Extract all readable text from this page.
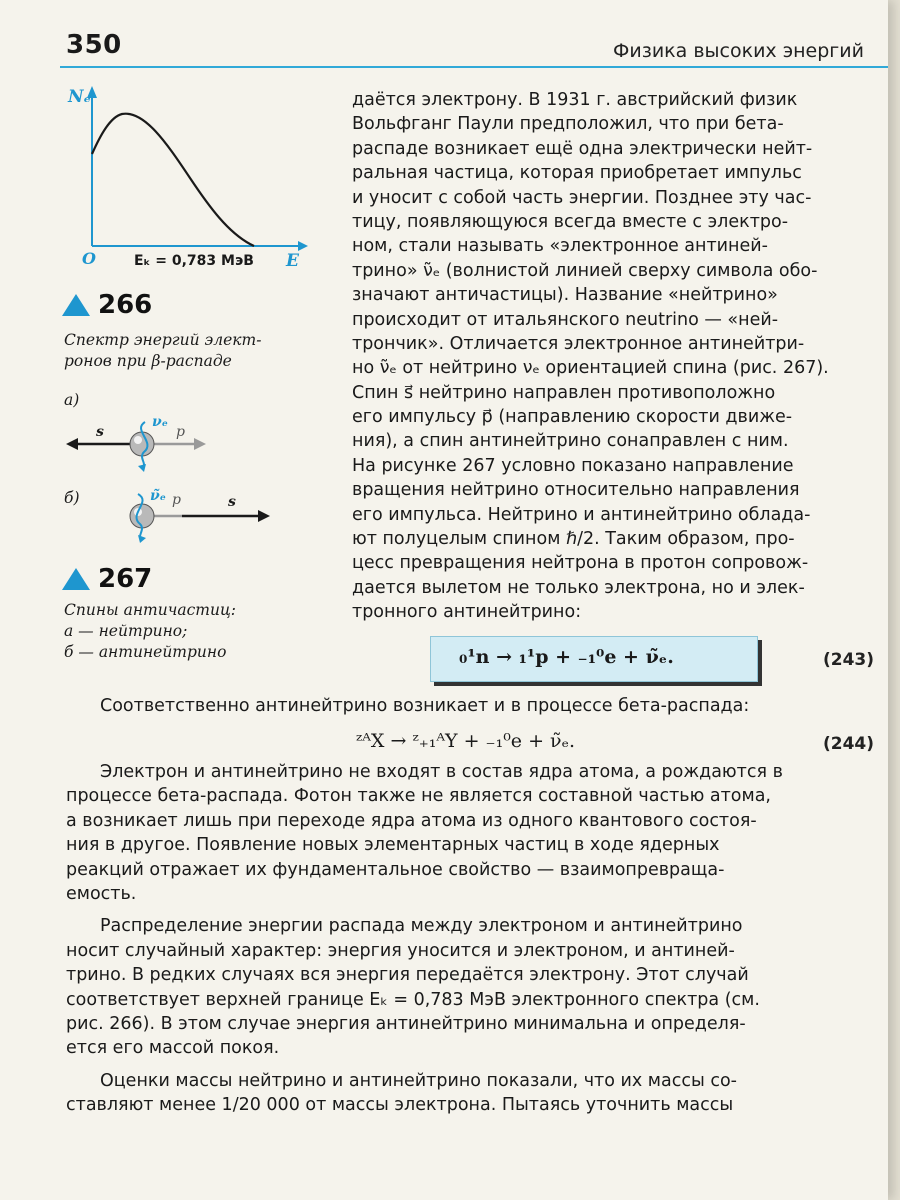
350	Физика высоких энергий
Nₑ
O	E
Eₖ = 0,783 МэВ
266
Спектр энергий элект-
ронов при β-распаде
а)
s	p
νₑ
б)	ν̃ₑ p	s
267
Спины античастиц:
а — нейтрино;
б — антинейтрино
даётся электрону. В 1931 г. австрийский физик
Вольфганг Паули предположил, что при бета-
распаде возникает ещё одна электрически нейт-
ральная частица, которая приобретает импульс
и уносит с собой часть энергии. Позднее эту час-
тицу, появляющуюся всегда вместе с электро-
ном, стали называть «электронное антиней-
трино» ν̃ₑ (волнистой линией сверху символа обо-
значают античастицы). Название «нейтрино»
происходит от итальянского neutrino — «ней-
трончик». Отличается электронное антинейтри-
но ν̃ₑ от нейтрино νₑ ориентацией спина (рис. 267).
Спин s⃗ нейтрино направлен противоположно
его импульсу p⃗ (направлению скорости движе-
ния), а спин антинейтрино сонаправлен с ним.
На рисунке 267 условно показано направление
вращения нейтрино относительно направления
его импульса. Нейтрино и антинейтрино облада-
ют полуцелым спином ℏ/2. Таким образом, про-
цесс превращения нейтрона в протон сопровож-
дается вылетом не только электрона, но и элек-
тронного антинейтрино:
₀¹n → ₁¹p + ₋₁⁰e + ν̃ₑ.	(243)
Соответственно антинейтрино возникает и в процессе бета-распада:
ᶻᴬX → ᶻ₊₁ᴬY + ₋₁⁰e + ν̃ₑ.	(244)
Электрон и антинейтрино не входят в состав ядра атома, а рождаются в
процессе бета-распада. Фотон также не является составной частью атома,
а возникает лишь при переходе ядра атома из одного квантового состоя-
ния в другое. Появление новых элементарных частиц в ходе ядерных
реакций отражает их фундаментальное свойство — взаимопревраща-
емость.
Распределение энергии распада между электроном и антинейтрино
носит случайный характер: энергия уносится и электроном, и антиней-
трино. В редких случаях вся энергия передаётся электрону. Этот случай
соответствует верхней границе Eₖ = 0,783 МэВ электронного спектра (см.
рис. 266). В этом случае энергия антинейтрино минимальна и определя-
ется его массой покоя.
Оценки массы нейтрино и антинейтрино показали, что их массы со-
ставляют менее 1/20 000 от массы электрона. Пытаясь уточнить массы
